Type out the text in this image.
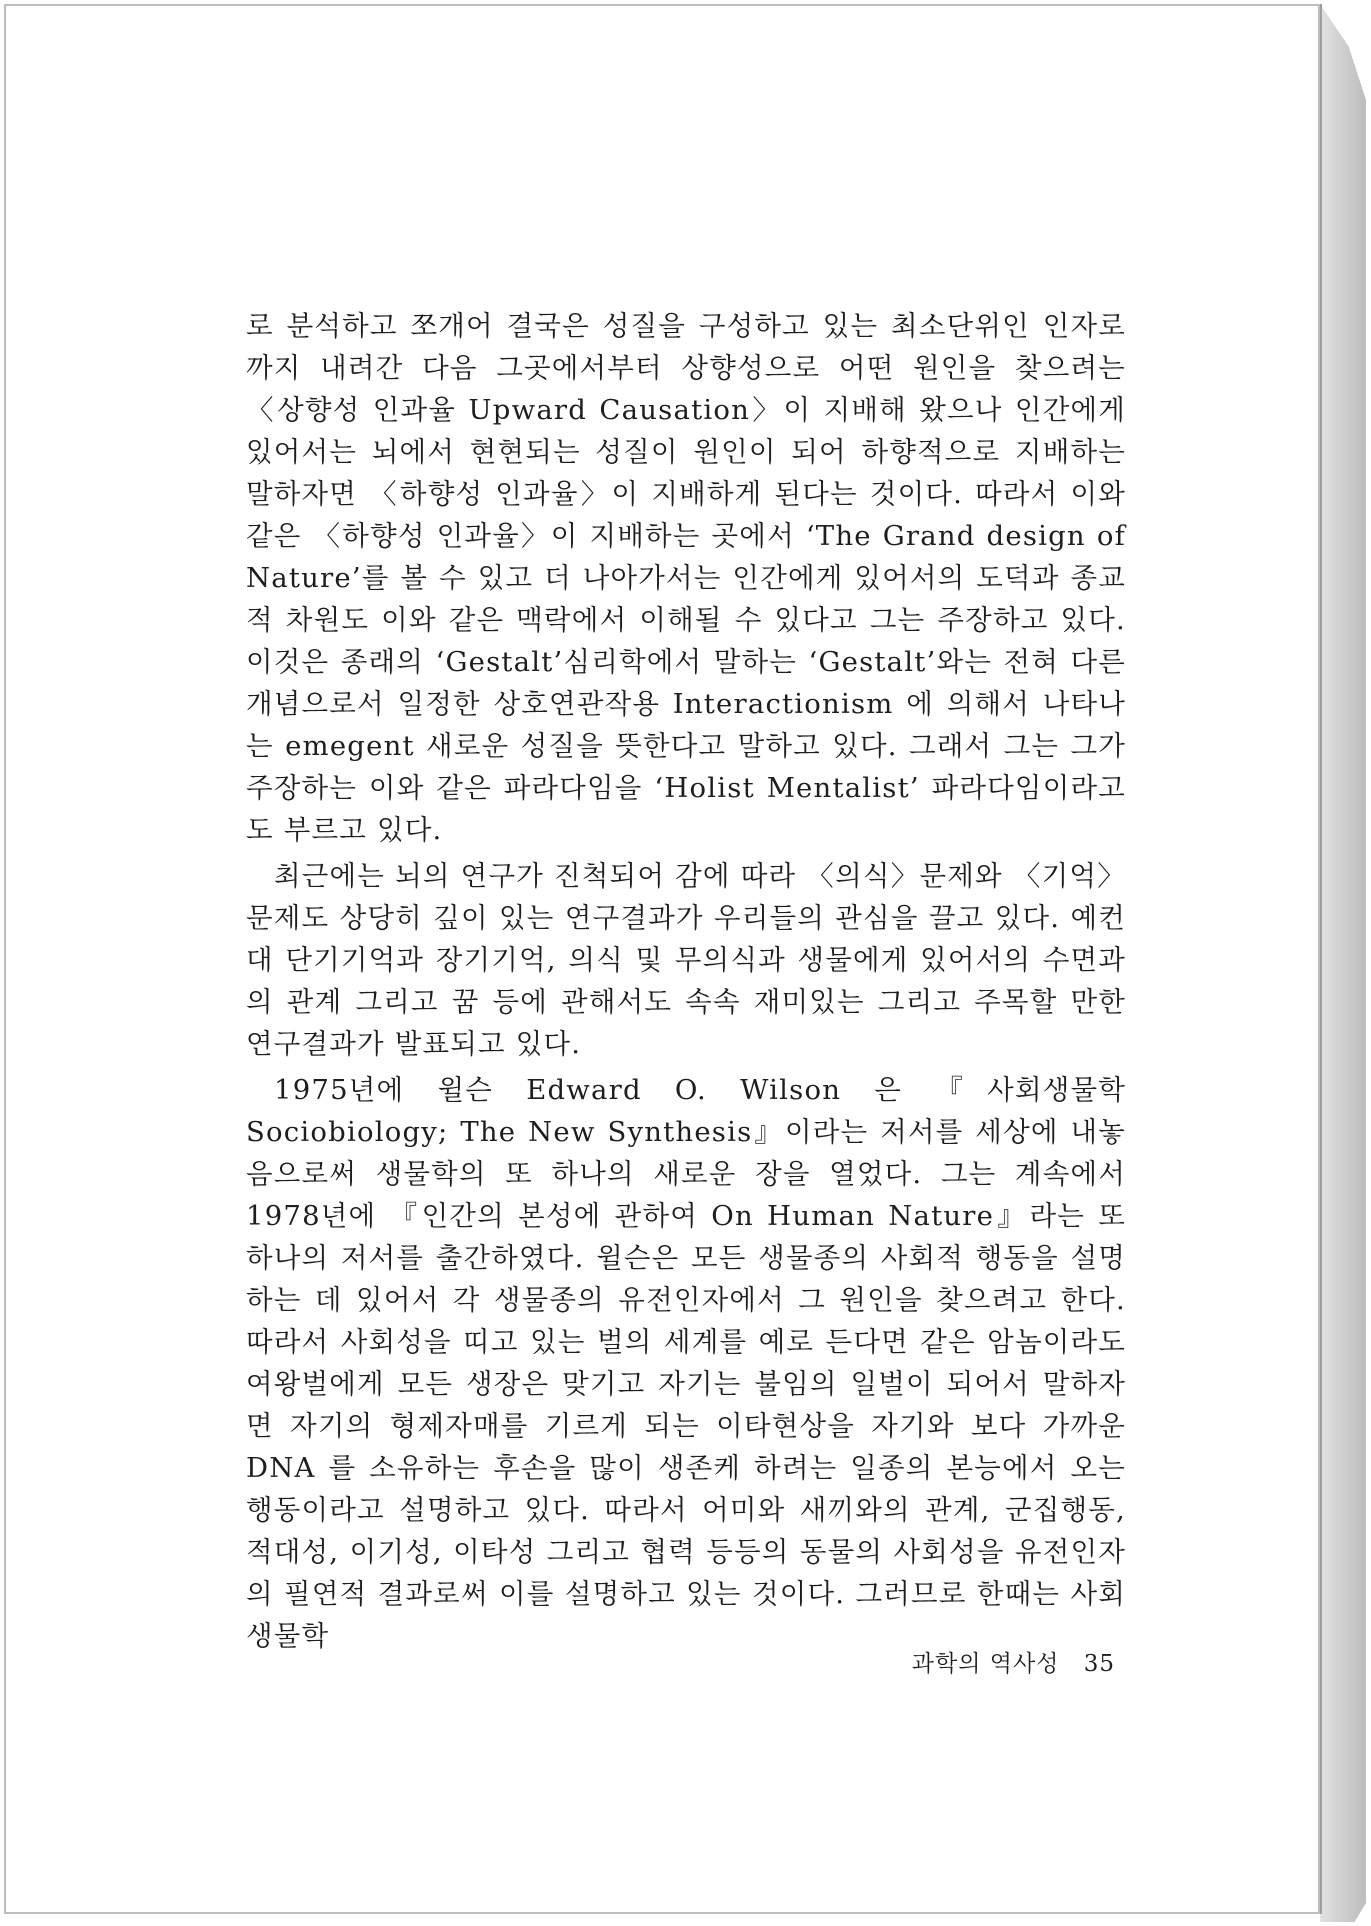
로 분석하고 쪼개어 결국은 성질을 구성하고 있는 최소단위인 인자로까지 내려간 다음 그곳에서부터 상향성으로 어떤 원인을 찾으려는 〈상향성 인과율 Upward Causation〉이 지배해 왔으나 인간에게 있어서는 뇌에서 현현되는 성질이 원인이 되어 하향적으로 지배하는 말하자면 〈하향성 인과율〉이 지배하게 된다는 것이다. 따라서 이와 같은 〈하향성 인과율〉이 지배하는 곳에서 ‘The Grand design of Nature’를 볼 수 있고 더 나아가서는 인간에게 있어서의 도덕과 종교적 차원도 이와 같은 맥락에서 이해될 수 있다고 그는 주장하고 있다. 이것은 종래의 ‘Gestalt’심리학에서 말하는 ‘Gestalt’와는 전혀 다른 개념으로서 일정한 상호연관작용 Interactionism 에 의해서 나타나는 emegent 새로운 성질을 뜻한다고 말하고 있다. 그래서 그는 그가 주장하는 이와 같은 파라다임을 ‘Holist Mentalist’ 파라다임이라고도 부르고 있다.

최근에는 뇌의 연구가 진척되어 감에 따라 〈의식〉문제와 〈기억〉문제도 상당히 깊이 있는 연구결과가 우리들의 관심을 끌고 있다. 예컨대 단기기억과 장기기억, 의식 및 무의식과 생물에게 있어서의 수면과의 관계 그리고 꿈 등에 관해서도 속속 재미있는 그리고 주목할 만한 연구결과가 발표되고 있다.

1975년에 윌슨 Edward O. Wilson 은 『사회생물학 Sociobiology; The New Synthesis』이라는 저서를 세상에 내놓음으로써 생물학의 또 하나의 새로운 장을 열었다. 그는 계속에서 1978년에 『인간의 본성에 관하여 On Human Nature』라는 또 하나의 저서를 출간하였다. 윌슨은 모든 생물종의 사회적 행동을 설명하는 데 있어서 각 생물종의 유전인자에서 그 원인을 찾으려고 한다. 따라서 사회성을 띠고 있는 벌의 세계를 예로 든다면 같은 암놈이라도 여왕벌에게 모든 생장은 맞기고 자기는 불임의 일벌이 되어서 말하자면 자기의 형제자매를 기르게 되는 이타현상을 자기와 보다 가까운 DNA 를 소유하는 후손을 많이 생존케 하려는 일종의 본능에서 오는 행동이라고 설명하고 있다. 따라서 어미와 새끼와의 관계, 군집행동, 적대성, 이기성, 이타성 그리고 협력 등등의 동물의 사회성을 유전인자의 필연적 결과로써 이를 설명하고 있는 것이다. 그러므로 한때는 사회생물학

과학의 역사성 35
